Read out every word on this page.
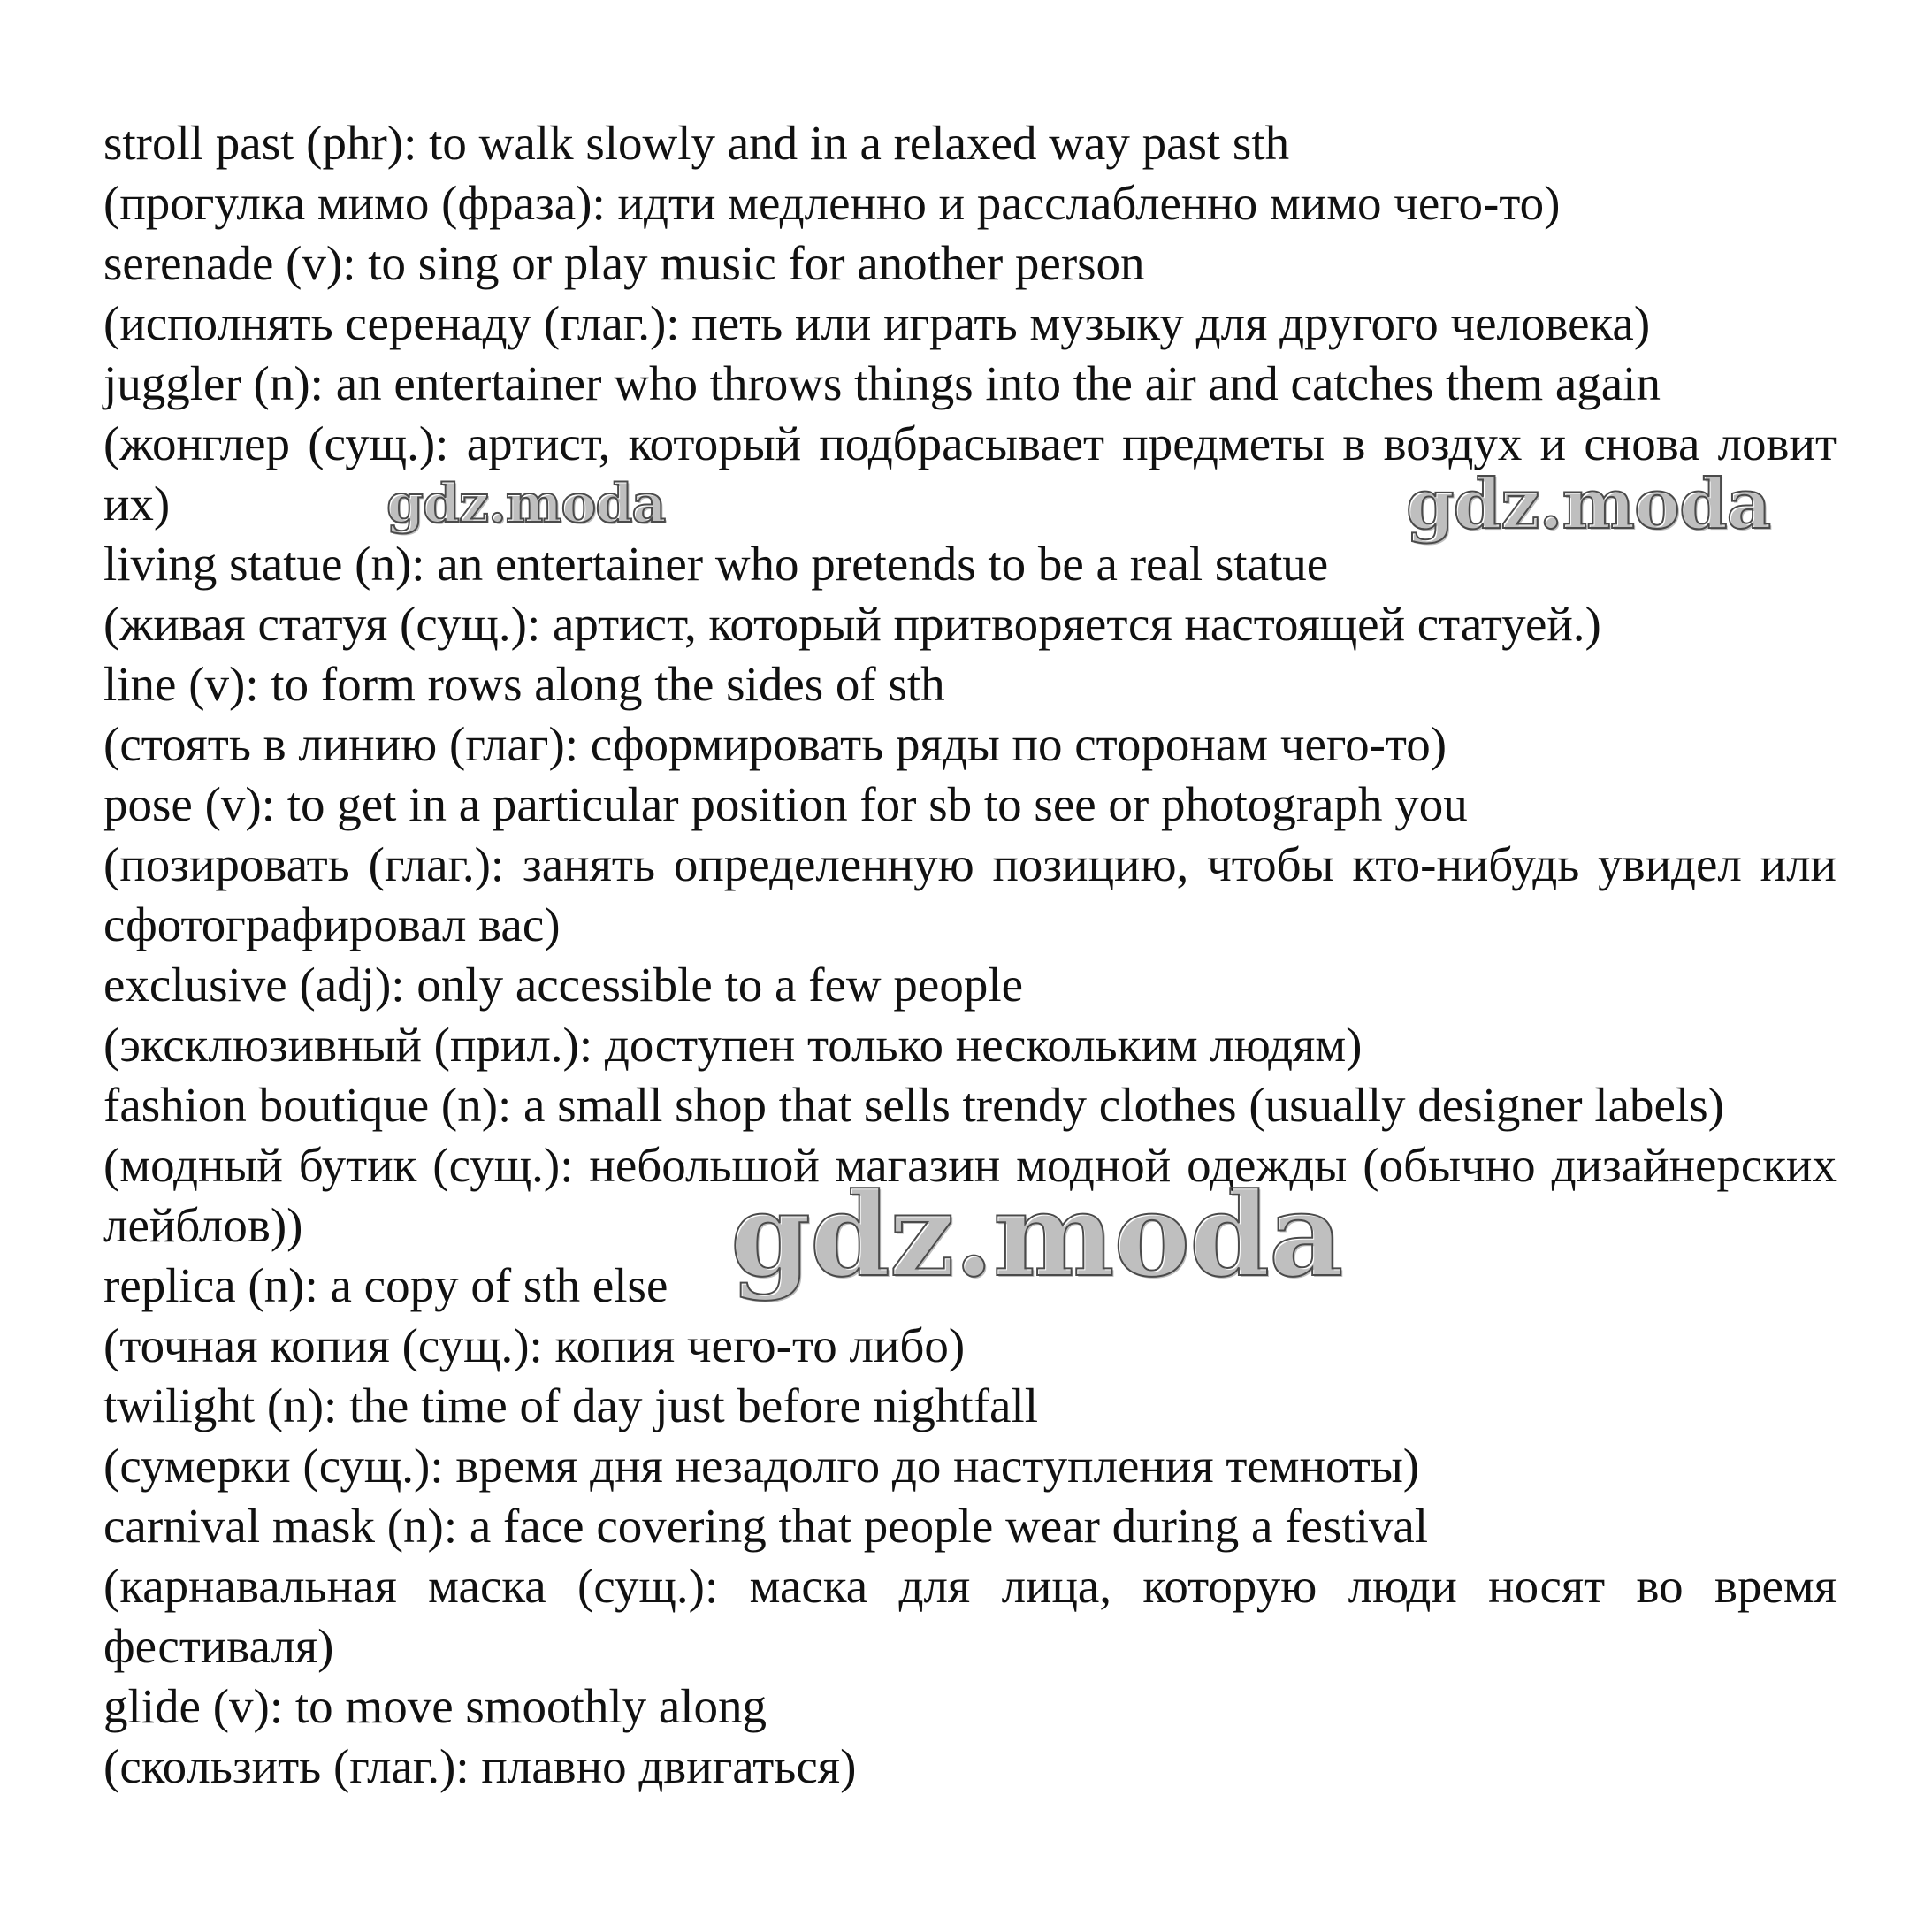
stroll past (phr): to walk slowly and in a relaxed way past sth

(прогулка мимо (фраза): идти медленно и расслабленно мимо чего-то)

serenade (v): to sing or play music for another person

(исполнять серенаду (глаг.): петь или играть музыку для другого человека)

juggler (n): an entertainer who throws things into the air and catches them again

(жонглер (сущ.): артист, который подбрасывает предметы в воздух и снова ловит их)

living statue (n): an entertainer who pretends to be a real statue

(живая статуя (сущ.): артист, который притворяется настоящей статуей.)

line (v): to form rows along the sides of sth

(стоять в линию (глаг): сформировать ряды по сторонам чего-то)

pose (v): to get in a particular position for sb to see or photograph you

(позировать (глаг.): занять определенную позицию, чтобы кто-нибудь увидел или сфотографировал вас)

exclusive (adj): only accessible to a few people

(эксклюзивный (прил.): доступен только нескольким людям)

fashion boutique (n): a small shop that sells trendy clothes (usually designer labels)

(модный бутик (сущ.): небольшой магазин модной одежды (обычно дизайнерских лейблов))

replica (n): a copy of sth else

(точная копия (сущ.): копия чего-то либо)

twilight (n): the time of day just before nightfall

(сумерки (сущ.): время дня незадолго до наступления темноты)

carnival mask (n): a face covering that people wear during a festival

(карнавальная маска (сущ.): маска для лица, которую люди носят во время фестиваля)

glide (v): to move smoothly along

(скользить (глаг.): плавно двигаться)

gdz.moda	gdz.moda
gdz.moda
